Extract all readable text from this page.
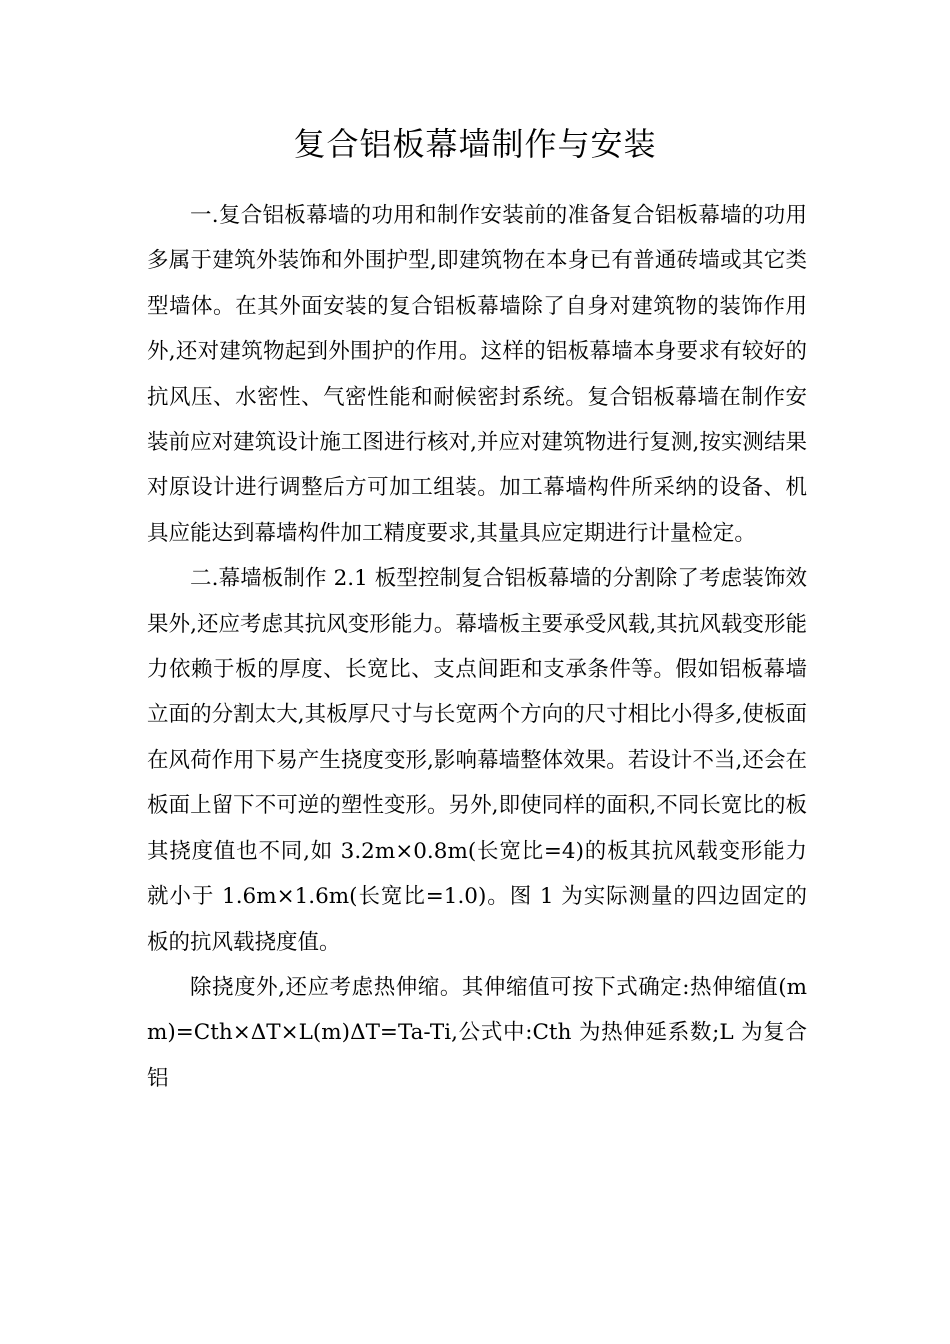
复合铝板幕墙制作与安装

一.复合铝板幕墙的功用和制作安装前的准备复合铝板幕墙的功用多属于建筑外装饰和外围护型,即建筑物在本身已有普通砖墙或其它类型墙体。在其外面安装的复合铝板幕墙除了自身对建筑物的装饰作用外,还对建筑物起到外围护的作用。这样的铝板幕墙本身要求有较好的抗风压、水密性、气密性能和耐候密封系统。复合铝板幕墙在制作安装前应对建筑设计施工图进行核对,并应对建筑物进行复测,按实测结果对原设计进行调整后方可加工组装。加工幕墙构件所采纳的设备、机具应能达到幕墙构件加工精度要求,其量具应定期进行计量检定。

二.幕墙板制作 2.1 板型控制复合铝板幕墙的分割除了考虑装饰效果外,还应考虑其抗风变形能力。幕墙板主要承受风载,其抗风载变形能力依赖于板的厚度、长宽比、支点间距和支承条件等。假如铝板幕墙立面的分割太大,其板厚尺寸与长宽两个方向的尺寸相比小得多,使板面在风荷作用下易产生挠度变形,影响幕墙整体效果。若设计不当,还会在板面上留下不可逆的塑性变形。另外,即使同样的面积,不同长宽比的板其挠度值也不同,如 3.2m×0.8m(长宽比=4)的板其抗风载变形能力就小于 1.6m×1.6m(长宽比=1.0)。图 1 为实际测量的四边固定的板的抗风载挠度值。

除挠度外,还应考虑热伸缩。其伸缩值可按下式确定:热伸缩值(mm)=Cth×ΔT×L(m)ΔT=Ta-Ti,公式中:Cth 为热伸延系数;L 为复合铝
